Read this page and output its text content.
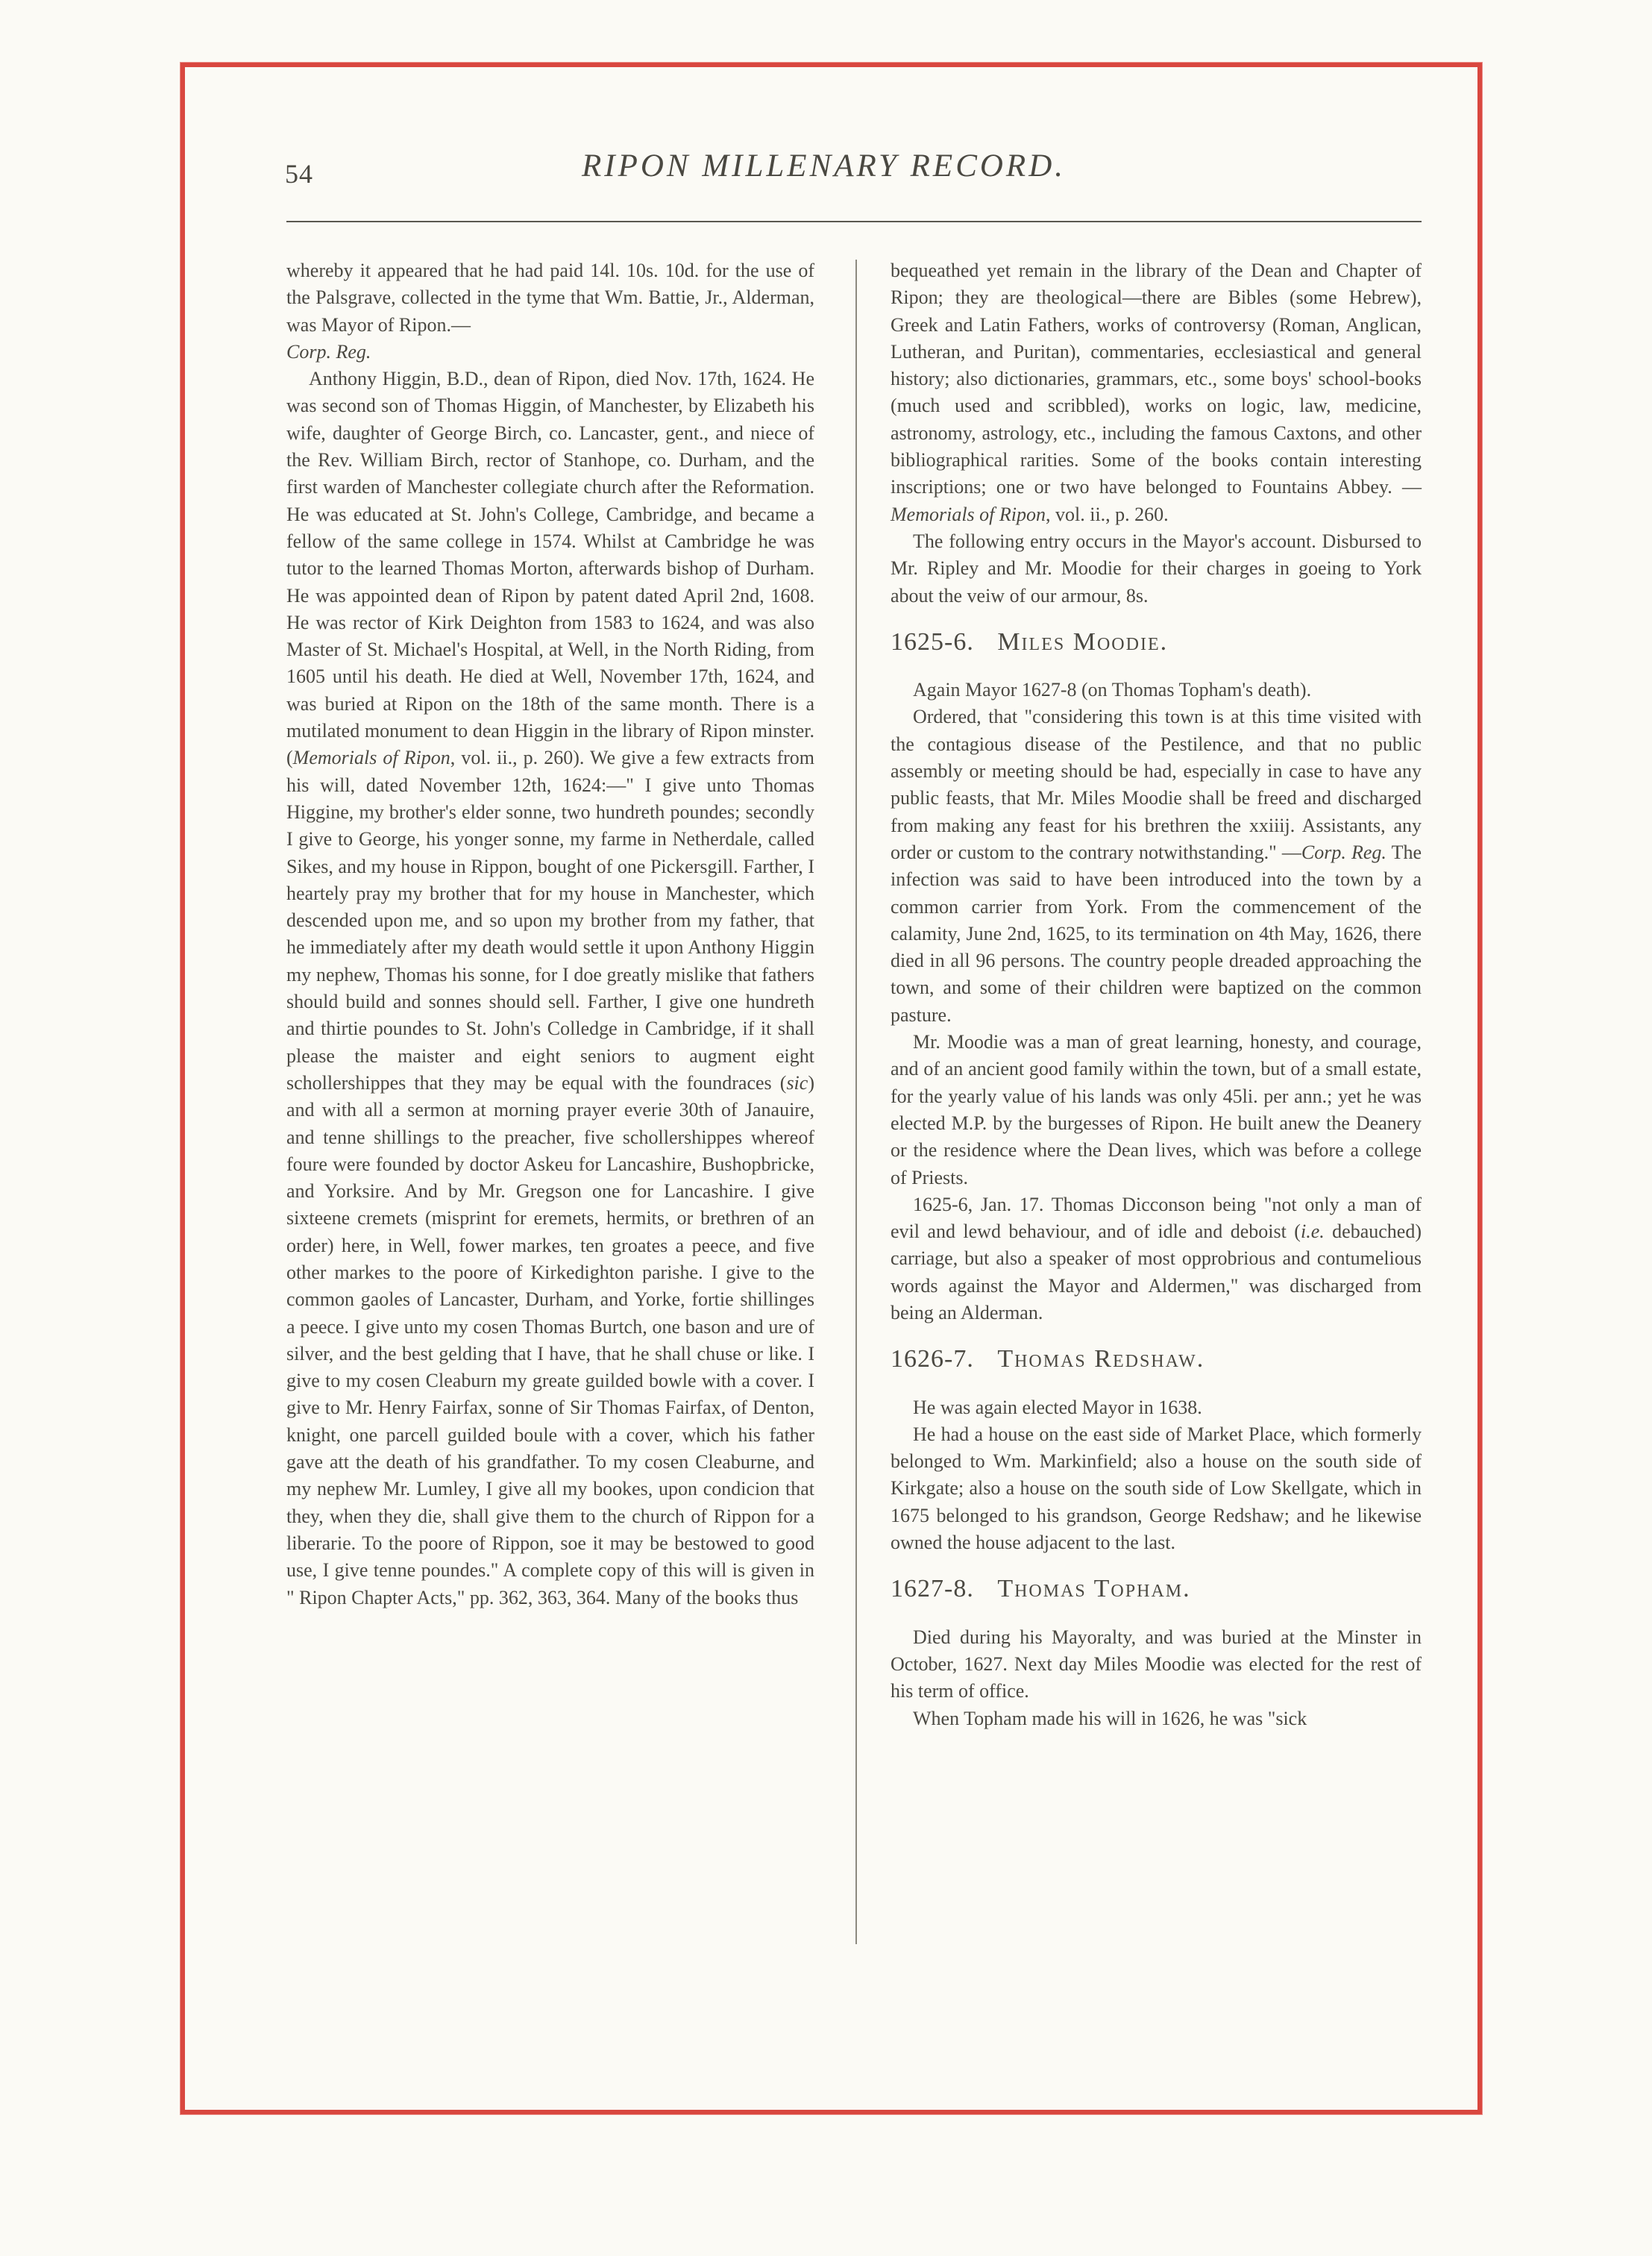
54	RIPON MILLENARY RECORD.

whereby it appeared that he had paid 14l. 10s. 10d. for the use of the Palsgrave, collected in the tyme that Wm. Battie, Jr., Alderman, was Mayor of Ripon.—
Corp. Reg.

Anthony Higgin, B.D., dean of Ripon, died Nov. 17th, 1624. He was second son of Thomas Higgin, of Manchester, by Elizabeth his wife, daughter of George Birch, co. Lancaster, gent., and niece of the Rev. William Birch, rector of Stanhope, co. Durham, and the first warden of Manchester collegiate church after the Reformation. He was educated at St. John's College, Cambridge, and became a fellow of the same college in 1574. Whilst at Cambridge he was tutor to the learned Thomas Morton, afterwards bishop of Durham. He was appointed dean of Ripon by patent dated April 2nd, 1608. He was rector of Kirk Deighton from 1583 to 1624, and was also Master of St. Michael's Hospital, at Well, in the North Riding, from 1605 until his death. He died at Well, November 17th, 1624, and was buried at Ripon on the 18th of the same month. There is a mutilated monument to dean Higgin in the library of Ripon minster. (Memorials of Ripon, vol. ii., p. 260). We give a few extracts from his will, dated November 12th, 1624:—" I give unto Thomas Higgine, my brother's elder sonne, two hundreth poundes; secondly I give to George, his yonger sonne, my farme in Netherdale, called Sikes, and my house in Rippon, bought of one Pickersgill. Farther, I heartely pray my brother that for my house in Manchester, which descended upon me, and so upon my brother from my father, that he immediately after my death would settle it upon Anthony Higgin my nephew, Thomas his sonne, for I doe greatly mislike that fathers should build and sonnes should sell. Farther, I give one hundreth and thirtie poundes to St. John's Colledge in Cambridge, if it shall please the maister and eight seniors to augment eight schollershippes that they may be equal with the foundraces (sic) and with all a sermon at morning prayer everie 30th of Janauire, and tenne shillings to the preacher, five schollershippes whereof foure were founded by doctor Askeu for Lancashire, Bushopbricke, and Yorksire. And by Mr. Gregson one for Lancashire. I give sixteene cremets (misprint for eremets, hermits, or brethren of an order) here, in Well, fower markes, ten groates a peece, and five other markes to the poore of Kirkedighton parishe. I give to the common gaoles of Lancaster, Durham, and Yorke, fortie shillinges a peece. I give unto my cosen Thomas Burtch, one bason and ure of silver, and the best gelding that I have, that he shall chuse or like. I give to my cosen Cleaburn my greate guilded bowle with a cover. I give to Mr. Henry Fairfax, sonne of Sir Thomas Fairfax, of Denton, knight, one parcell guilded boule with a cover, which his father gave att the death of his grandfather. To my cosen Cleaburne, and my nephew Mr. Lumley, I give all my bookes, upon condicion that they, when they die, shall give them to the church of Rippon for a liberarie. To the poore of Rippon, soe it may be bestowed to good use, I give tenne poundes." A complete copy of this will is given in " Ripon Chapter Acts," pp. 362, 363, 364. Many of the books thus

bequeathed yet remain in the library of the Dean and Chapter of Ripon; they are theological—there are Bibles (some Hebrew), Greek and Latin Fathers, works of controversy (Roman, Anglican, Lutheran, and Puritan), commentaries, ecclesiastical and general history; also dictionaries, grammars, etc., some boys' school-books (much used and scribbled), works on logic, law, medicine, astronomy, astrology, etc., including the famous Caxtons, and other bibliographical rarities. Some of the books contain interesting inscriptions; one or two have belonged to Fountains Abbey. —Memorials of Ripon, vol. ii., p. 260.

The following entry occurs in the Mayor's account. Disbursed to Mr. Ripley and Mr. Moodie for their charges in goeing to York about the veiw of our armour, 8s.

1625-6. Miles Moodie.

Again Mayor 1627-8 (on Thomas Topham's death).

Ordered, that "considering this town is at this time visited with the contagious disease of the Pestilence, and that no public assembly or meeting should be had, especially in case to have any public feasts, that Mr. Miles Moodie shall be freed and discharged from making any feast for his brethren the xxiiij. Assistants, any order or custom to the contrary notwithstanding." —Corp. Reg. The infection was said to have been introduced into the town by a common carrier from York. From the commencement of the calamity, June 2nd, 1625, to its termination on 4th May, 1626, there died in all 96 persons. The country people dreaded approaching the town, and some of their children were baptized on the common pasture.

Mr. Moodie was a man of great learning, honesty, and courage, and of an ancient good family within the town, but of a small estate, for the yearly value of his lands was only 45li. per ann.; yet he was elected M.P. by the burgesses of Ripon. He built anew the Deanery or the residence where the Dean lives, which was before a college of Priests.

1625-6, Jan. 17. Thomas Dicconson being "not only a man of evil and lewd behaviour, and of idle and deboist (i.e. debauched) carriage, but also a speaker of most opprobrious and contumelious words against the Mayor and Aldermen," was discharged from being an Alderman.

1626-7. Thomas Redshaw.

He was again elected Mayor in 1638.

He had a house on the east side of Market Place, which formerly belonged to Wm. Markinfield; also a house on the south side of Kirkgate; also a house on the south side of Low Skellgate, which in 1675 belonged to his grandson, George Redshaw; and he likewise owned the house adjacent to the last.

1627-8. Thomas Topham.

Died during his Mayoralty, and was buried at the Minster in October, 1627. Next day Miles Moodie was elected for the rest of his term of office.

When Topham made his will in 1626, he was "sick
